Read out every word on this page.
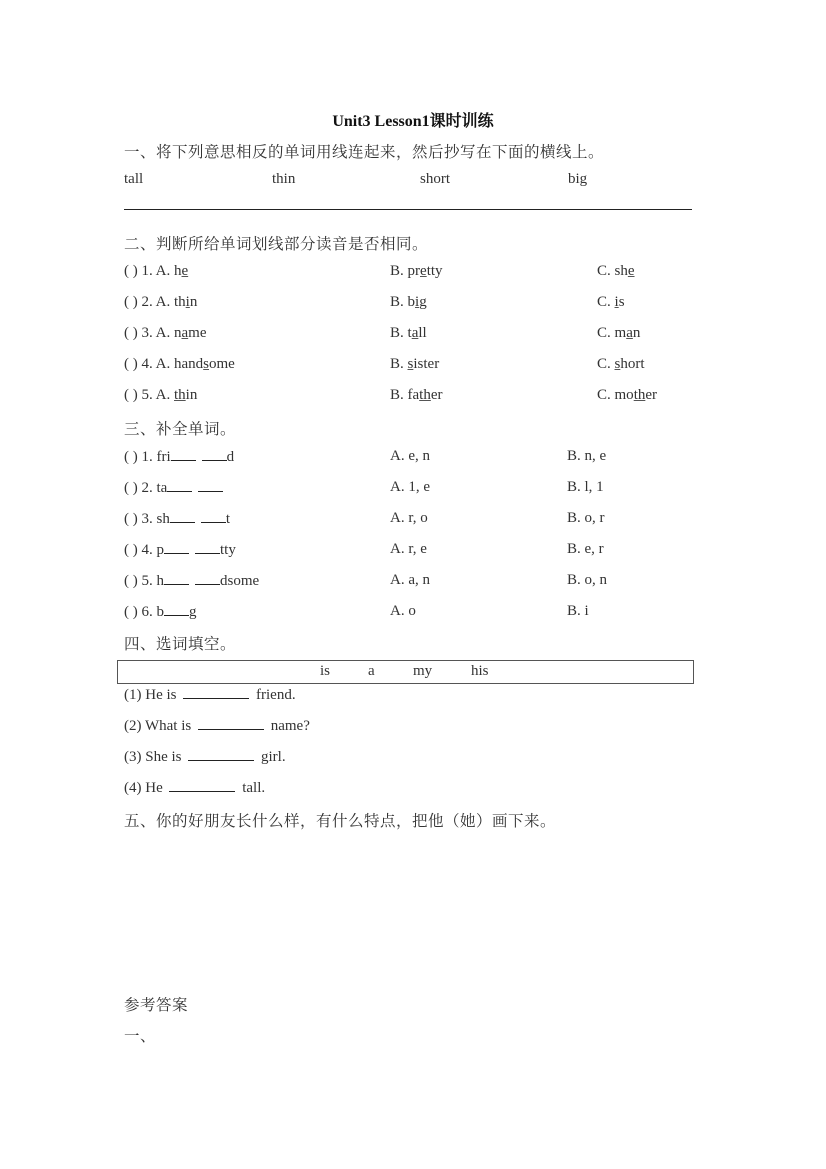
Unit3 Lesson1课时训练
一、将下列意思相反的单词用线连起来，然后抄写在下面的横线上。
tall	thin	short	big
二、判断所给单词划线部分读音是否相同。
( ) 1. A. he	B. pretty	C. she
( ) 2. A. thin	B. big	C. is
( ) 3. A. name	B. tall	C. man
( ) 4. A. handsome	B. sister	C. short
( ) 5. A. thin	B. father	C. mother
三、补全单词。
( ) 1. fri	d	A. e, n	B. n, e
( ) 2. ta	A. 1, e	B. l, 1
( ) 3. sh	t	A. r, o	B. o, r
( ) 4. p	tty	A. r, e	B. e, r
( ) 5. h	dsome	A. a, n	B. o, n
( ) 6. b g	A. o	B. i
四、选词填空。
is	a	my	his
(1) He is	friend.
(2) What is	name?
(3) She is	girl.
(4) He	tall.
五、你的好朋友长什么样，有什么特点，把他（她）画下来。
参考答案
一、
